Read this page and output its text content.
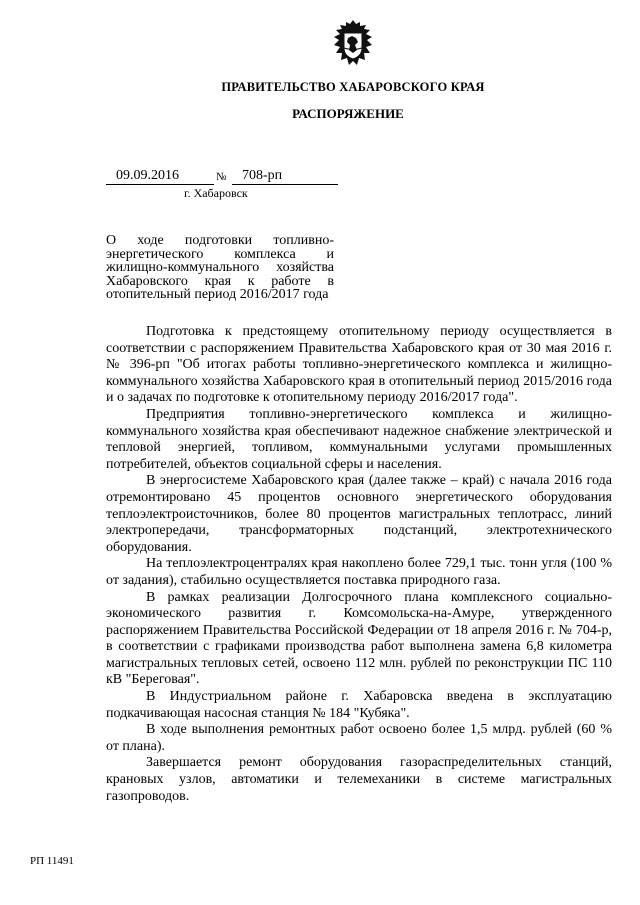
ПРАВИТЕЛЬСТВО ХАБАРОВСКОГО КРАЯ
РАСПОРЯЖЕНИЕ
09.09.2016	№	708-рп
г. Хабаровск
О ходе подготовки топливно-энергетического комплекса и жилищно-коммунального хозяйства Хабаровского края к работе в отопительный период 2016/2017 года

Подготовка к предстоящему отопительному периоду осуществляется в соответствии с распоряжением Правительства Хабаровского края от 30 мая 2016 г. № 396-рп "Об итогах работы топливно-энергетического комплекса и жилищно-коммунального хозяйства Хабаровского края в отопительный период 2015/2016 года и о задачах по подготовке к отопительному периоду 2016/2017 года".

Предприятия топливно-энергетического комплекса и жилищно-коммунального хозяйства края обеспечивают надежное снабжение электрической и тепловой энергией, топливом, коммунальными услугами промышленных потребителей, объектов социальной сферы и населения.

В энергосистеме Хабаровского края (далее также – край) с начала 2016 года отремонтировано 45 процентов основного энергетического оборудования теплоэлектроисточников, более 80 процентов магистральных теплотрасс, линий электропередачи, трансформаторных подстанций, электротехнического оборудования.

На теплоэлектроцентралях края накоплено более 729,1 тыс. тонн угля (100 % от задания), стабильно осуществляется поставка природного газа.

В рамках реализации Долгосрочного плана комплексного социально-экономического развития г. Комсомольска-на-Амуре, утвержденного распоряжением Правительства Российской Федерации от 18 апреля 2016 г. № 704-р, в соответствии с графиками производства работ выполнена замена 6,8 километра магистральных тепловых сетей, освоено 112 млн. рублей по реконструкции ПС 110 кВ "Береговая".

В Индустриальном районе г. Хабаровска введена в эксплуатацию подкачивающая насосная станция № 184 "Кубяка".

В ходе выполнения ремонтных работ освоено более 1,5 млрд. рублей (60 % от плана).

Завершается ремонт оборудования газораспределительных станций, крановых узлов, автоматики и телемеханики в системе магистральных газопроводов.

РП 11491
